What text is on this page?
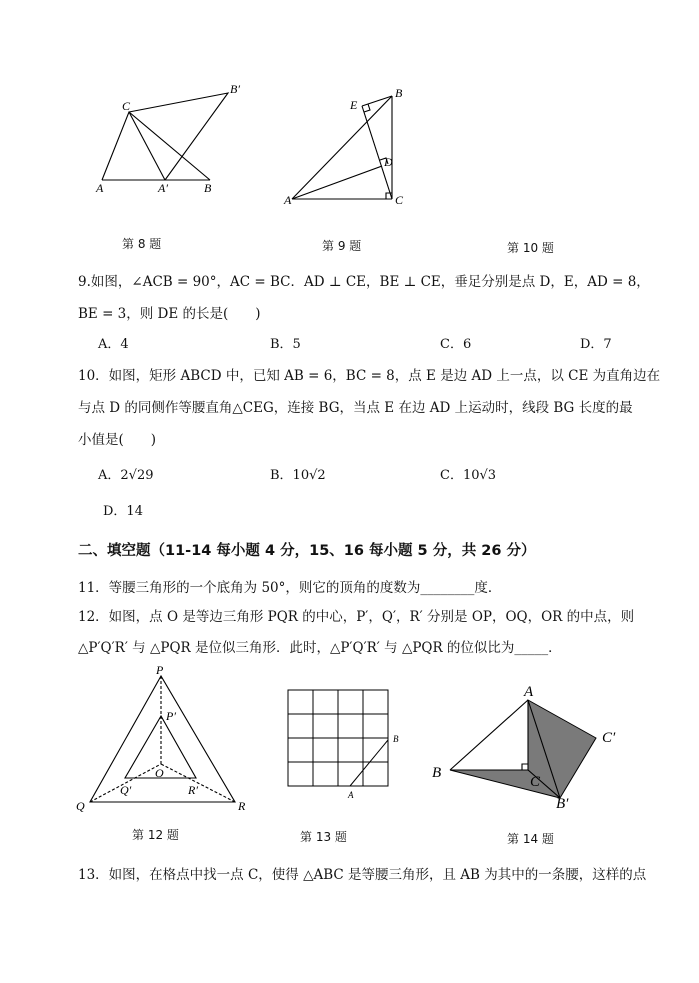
C
B′
A	A′	B
第 8 题
E
B
D
A	C
第 9 题	第 10 题
9.如图，∠ACB = 90°，AC = BC．AD ⊥ CE，BE ⊥ CE，垂足分别是点 D，E，AD = 8，
BE = 3，则 DE 的长是(　　)
A．4	B．5	C．6	D．7
10．如图，矩形 ABCD 中，已知 AB = 6，BC = 8，点 E 是边 AD 上一点，以 CE 为直角边在
与点 D 的同侧作等腰直角△CEG，连接 BG，当点 E 在边 AD 上运动时，线段 BG 长度的最
小值是(　　)
A．2√29	B．10√2	C．10√3
D．14
二、填空题（11-14 每小题 4 分，15、16 每小题 5 分，共 26 分）
11．等腰三角形的一个底角为 50°，则它的顶角的度数为________度．
12．如图，点 O 是等边三角形 PQR 的中心，P′，Q′，R′ 分别是 OP，OQ，OR 的中点，则
△P′Q′R′ 与 △PQR 是位似三角形．此时，△P′Q′R′ 与 △PQR 的位似比为_____．
P
P′
O
Q′	R′
Q	R
第 12 题
B
A
第 13 题
A
C′
B
C
B′
第 14 题
13．如图，在格点中找一点 C，使得 △ABC 是等腰三角形，且 AB 为其中的一条腰，这样的点
